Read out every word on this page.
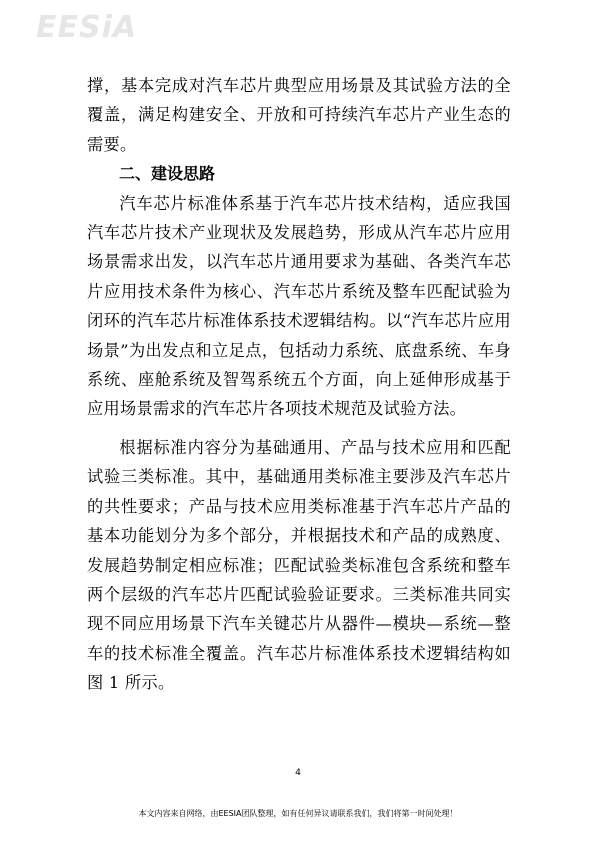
EESiA

撑，基本完成对汽车芯片典型应用场景及其试验方法的全覆盖，满足构建安全、开放和可持续汽车芯片产业生态的需要。

二、建设思路

汽车芯片标准体系基于汽车芯片技术结构，适应我国汽车芯片技术产业现状及发展趋势，形成从汽车芯片应用场景需求出发，以汽车芯片通用要求为基础、各类汽车芯片应用技术条件为核心、汽车芯片系统及整车匹配试验为闭环的汽车芯片标准体系技术逻辑结构。以“汽车芯片应用场景”为出发点和立足点，包括动力系统、底盘系统、车身系统、座舱系统及智驾系统五个方面，向上延伸形成基于应用场景需求的汽车芯片各项技术规范及试验方法。

根据标准内容分为基础通用、产品与技术应用和匹配试验三类标准。其中，基础通用类标准主要涉及汽车芯片的共性要求；产品与技术应用类标准基于汽车芯片产品的基本功能划分为多个部分，并根据技术和产品的成熟度、发展趋势制定相应标准；匹配试验类标准包含系统和整车两个层级的汽车芯片匹配试验验证要求。三类标准共同实现不同应用场景下汽车关键芯片从器件—模块—系统—整车的技术标准全覆盖。汽车芯片标准体系技术逻辑结构如图 1 所示。

4
本文内容来自网络，由EESIA团队整理，如有任何异议请联系我们，我们将第一时间处理！
